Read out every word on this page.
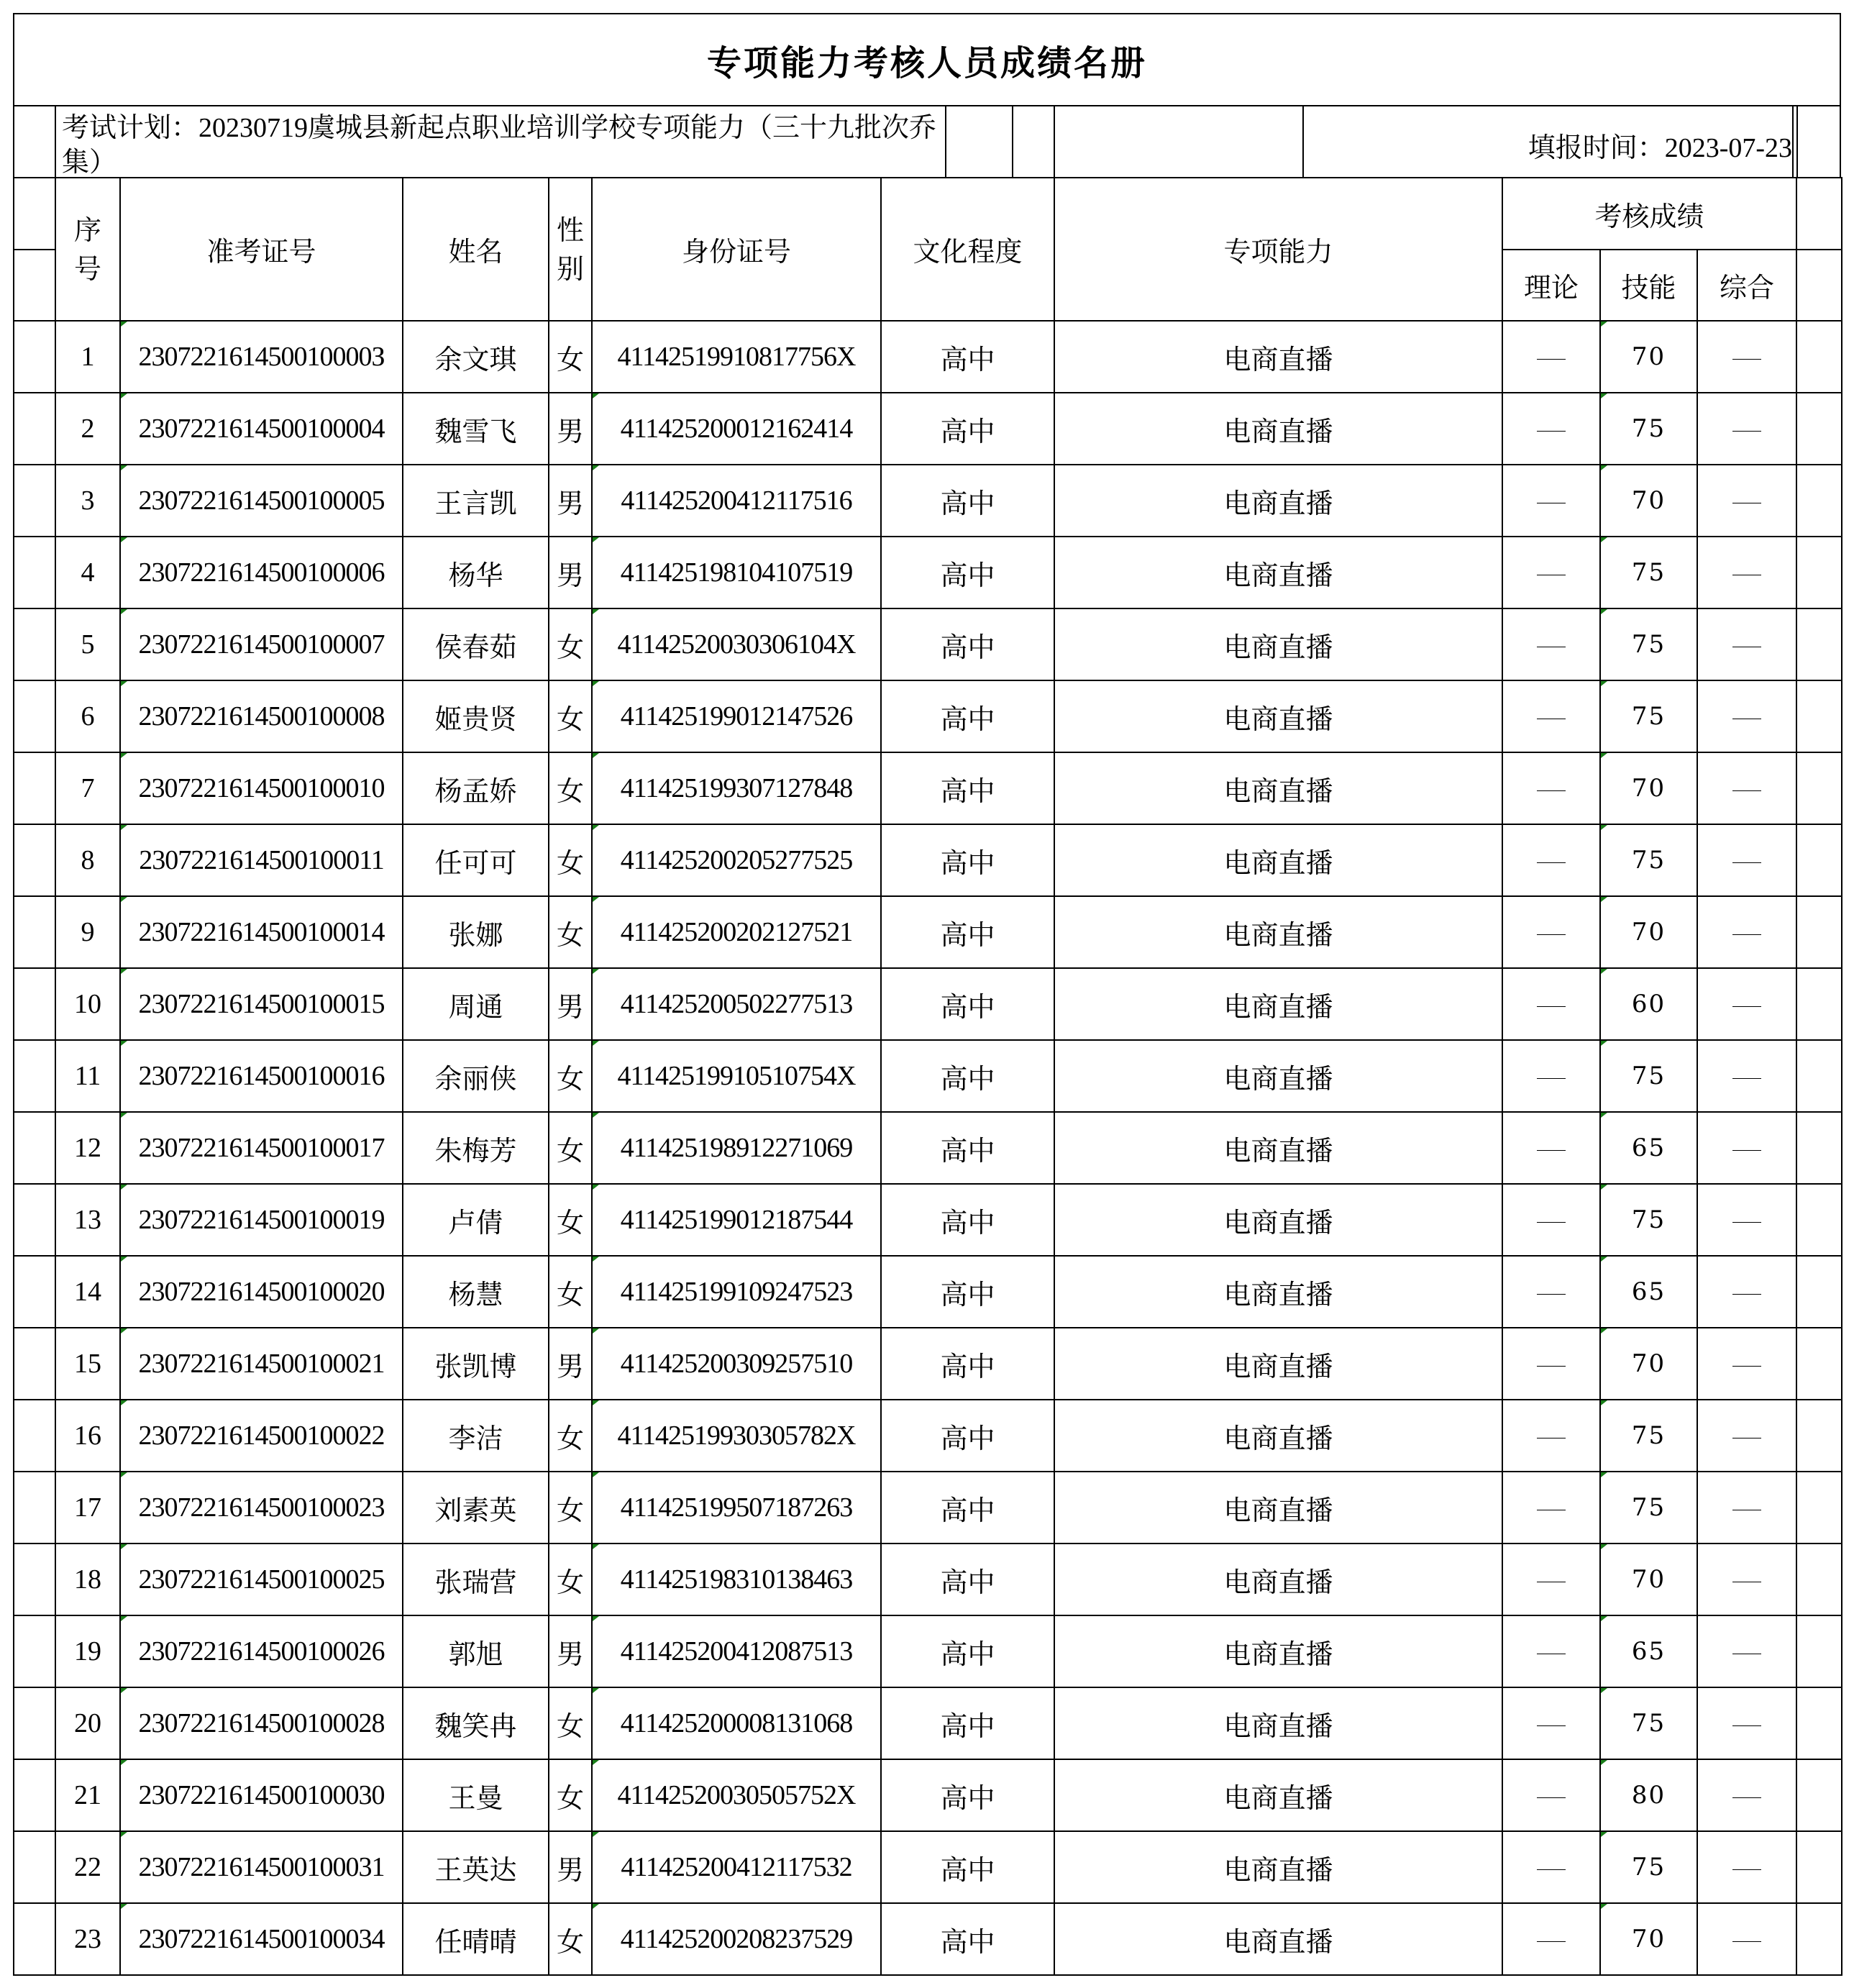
专项能力考核人员成绩名册
考试计划：20230719虞城县新起点职业培训学校专项能力（三十九批次乔集）	填报时间：2023-07-23
	序号	准考证号	姓名	性别	身份证号	文化程度	专项能力	考核成绩			
								理论	技能	综合	
	1	230722161450010000З	余文琪	女	41142519910817756X	高中	电商直播		70		
	2	2307221614500100004	魏雪飞	男	411425200012162414	高中	电商直播		75		
	3	2307221614500100005	王言凯	男	411425200412117516	高中	电商直播		70		
	4	2307221614500100006	杨华	男	411425198104107519	高中	电商直播		75		
	5	2307221614500100007	侯春茹	女	41142520030306104X	高中	电商直播		75		
	6	2307221614500100008	姬贵贤	女	411425199012147526	高中	电商直播		75		
	7	2307221614500100010	杨孟娇	女	411425199307127848	高中	电商直播		70		
	8	2307221614500100011	任可可	女	411425200205277525	高中	电商直播		75		
	9	2307221614500100014	张娜	女	411425200202127521	高中	电商直播		70		
	10	2307221614500100015	周通	男	411425200502277513	高中	电商直播		60		
	11	2307221614500100016	余丽侠	女	41142519910510754X	高中	电商直播		75		
	12	2307221614500100017	朱梅芳	女	411425198912271069	高中	电商直播		65		
	13	2307221614500100019	卢倩	女	411425199012187544	高中	电商直播		75		
	14	2307221614500100020	杨慧	女	411425199109247523	高中	电商直播		65		
	15	2307221614500100021	张凯博	男	411425200309257510	高中	电商直播		70		
	16	2307221614500100022	李洁	女	41142519930305782X	高中	电商直播		75		
	17	2307221614500100023	刘素英	女	411425199507187263	高中	电商直播		75		
	18	2307221614500100025	张瑞营	女	411425198310138463	高中	电商直播		70		
	19	2307221614500100026	郭旭	男	411425200412087513	高中	电商直播		65		
	20	2307221614500100028	魏笑冉	女	411425200008131068	高中	电商直播		75		
	21	2307221614500100030	王曼	女	41142520030505752X	高中	电商直播		80		
	22	2307221614500100031	王英达	男	411425200412117532	高中	电商直播		75		
	23	2307221614500100034	任晴晴	女	411425200208237529	高中	电商直播		70		
